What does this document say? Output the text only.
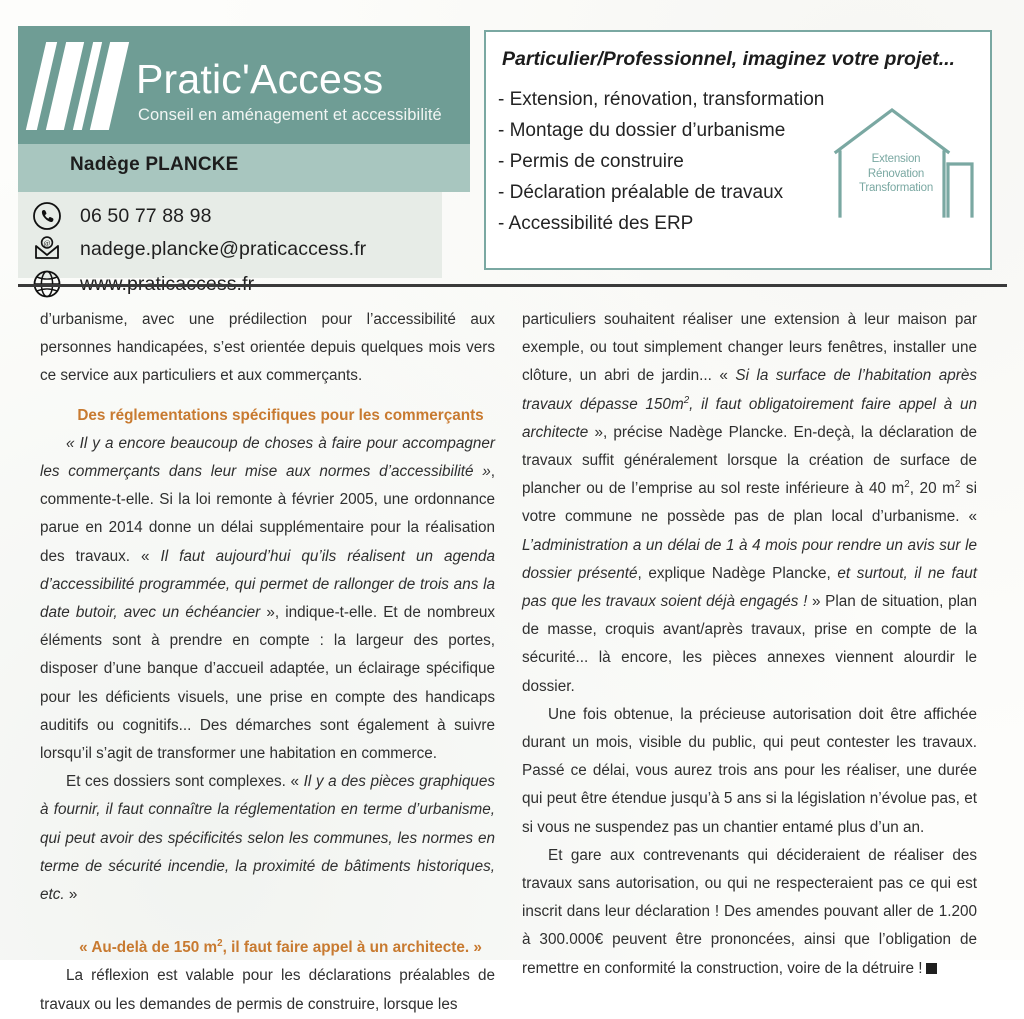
Pratic'Access
Conseil en aménagement et accessibilité
Nadège PLANCKE
06 50 77 88 98
@ nadege.plancke@praticaccess.fr
Particulier/Professionnel, imaginez votre projet...
- Extension, rénovation, transformation
- Montage du dossier d’urbanisme
- Permis de construire
- Déclaration préalable de travaux
- Accessibilité des ERP
Extension
Rénovation
Transformation

d’urbanisme, avec une prédilection pour l’accessibilité aux personnes handicapées, s’est orientée depuis quelques mois vers ce service aux particuliers et aux commerçants.

Des réglementations spécifiques pour les commerçants

« Il y a encore beaucoup de choses à faire pour accompagner les commerçants dans leur mise aux normes d’accessibilité », commente-t-elle. Si la loi remonte à février 2005, une ordonnance parue en 2014 donne un délai supplémentaire pour la réalisation des travaux. « Il faut aujourd’hui qu’ils réalisent un agenda d’accessibilité programmée, qui permet de rallonger de trois ans la date butoir, avec un échéancier », indique-t-elle. Et de nombreux éléments sont à prendre en compte : la largeur des portes, disposer d’une banque d’accueil adaptée, un éclairage spécifique pour les déficients visuels, une prise en compte des handicaps auditifs ou cognitifs... Des démarches sont également à suivre lorsqu’il s’agit de transformer une habitation en commerce.

Et ces dossiers sont complexes. « Il y a des pièces graphiques à fournir, il faut connaître la réglementation en terme d’urbanisme, qui peut avoir des spécificités selon les communes, les normes en terme de sécurité incendie, la proximité de bâtiments historiques, etc. »

« Au-delà de 150 $m^2$, il faut faire appel à un architecte. »

La réflexion est valable pour les déclarations préalables de travaux ou les demandes de permis de construire, lorsque les

particuliers souhaitent réaliser une extension à leur maison par exemple, ou tout simplement changer leurs fenêtres, installer une clôture, un abri de jardin... « Si la surface de l’habitation après travaux dépasse $150m^2$, il faut obligatoirement faire appel à un architecte », précise Nadège Plancke. En-deçà, la déclaration de travaux suffit généralement lorsque la création de surface de plancher ou de l’emprise au sol reste inférieure à 40 $m^2$, 20 $m^2$ si votre commune ne possède pas de plan local d’urbanisme. « L’administration a un délai de 1 à 4 mois pour rendre un avis sur le dossier présenté, explique Nadège Plancke, et surtout, il ne faut pas que les travaux soient déjà engagés ! » Plan de situation, plan de masse, croquis avant/après travaux, prise en compte de la sécurité... là encore, les pièces annexes viennent alourdir le dossier.

Une fois obtenue, la précieuse autorisation doit être affichée durant un mois, visible du public, qui peut contester les travaux. Passé ce délai, vous aurez trois ans pour les réaliser, une durée qui peut être étendue jusqu’à 5 ans si la législation n’évolue pas, et si vous ne suspendez pas un chantier entamé plus d’un an.

Et gare aux contrevenants qui décideraient de réaliser des travaux sans autorisation, ou qui ne respecteraient pas ce qui est inscrit dans leur déclaration ! Des amendes pouvant aller de 1.200 à 300.000€ peuvent être prononcées, ainsi que l’obligation de remettre en conformité la construction, voire de la détruire !
